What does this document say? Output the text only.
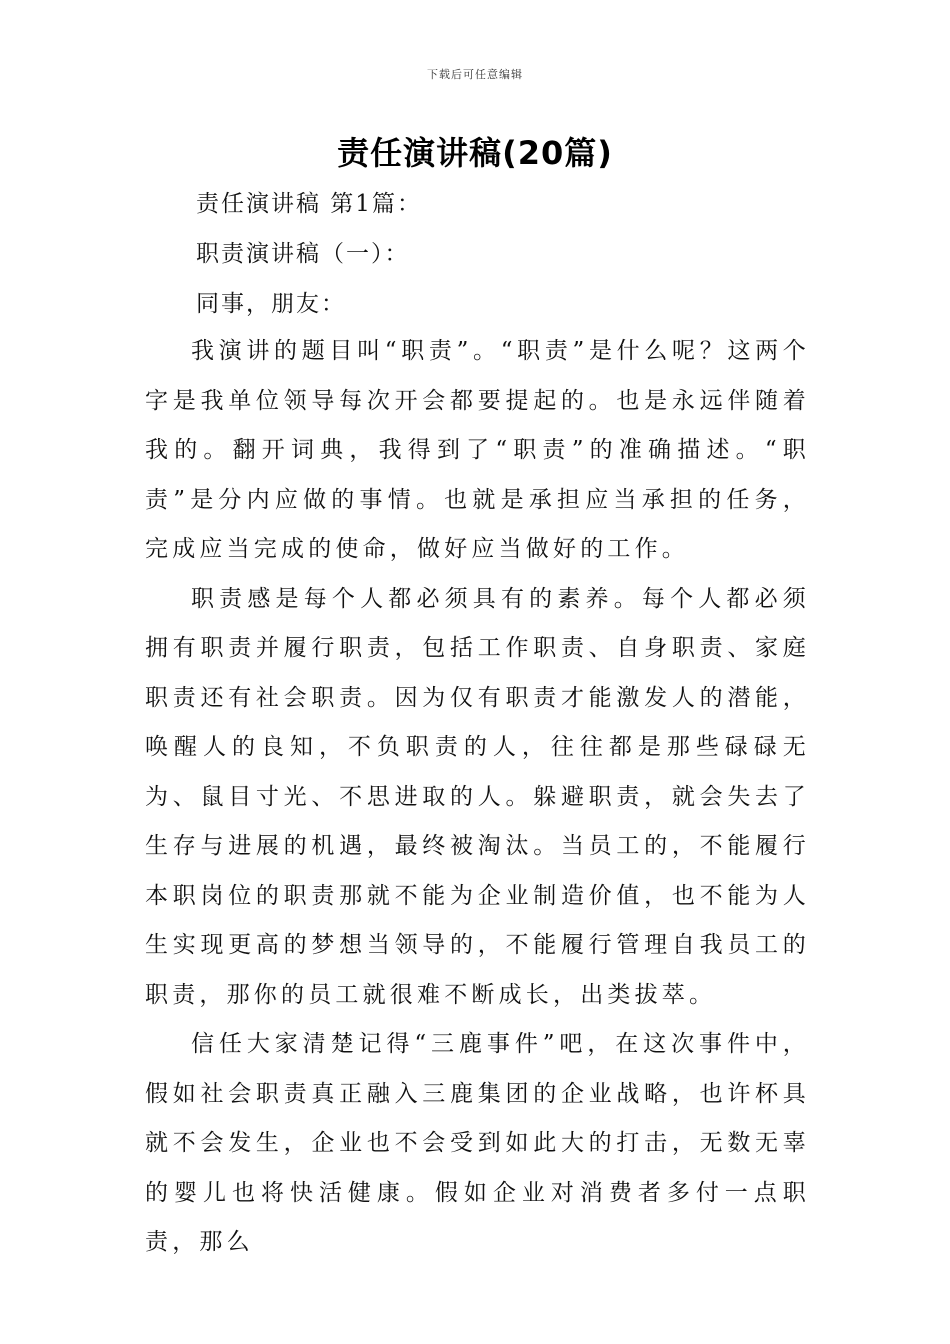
下载后可任意编辑
责任演讲稿(20篇)
责任演讲稿 第1篇：
职责演讲稿（一）：
同事，朋友：

我演讲的题目叫“职责”。“职责”是什么呢？这两个字是我单位领导每次开会都要提起的。也是永远伴随着我的。翻开词典，我得到了“职责”的准确描述。“职责”是分内应做的事情。也就是承担应当承担的任务，完成应当完成的使命，做好应当做好的工作。

职责感是每个人都必须具有的素养。每个人都必须拥有职责并履行职责，包括工作职责、自身职责、家庭职责还有社会职责。因为仅有职责才能激发人的潜能，唤醒人的良知，不负职责的人，往往都是那些碌碌无为、鼠目寸光、不思进取的人。躲避职责，就会失去了生存与进展的机遇，最终被淘汰。当员工的，不能履行本职岗位的职责那就不能为企业制造价值，也不能为人生实现更高的梦想当领导的，不能履行管理自我员工的职责，那你的员工就很难不断成长，出类拔萃。

信任大家清楚记得“三鹿事件”吧，在这次事件中，假如社会职责真正融入三鹿集团的企业战略，也许杯具就不会发生，企业也不会受到如此大的打击，无数无辜的婴儿也将快活健康。假如企业对消费者多付一点职责，那么
